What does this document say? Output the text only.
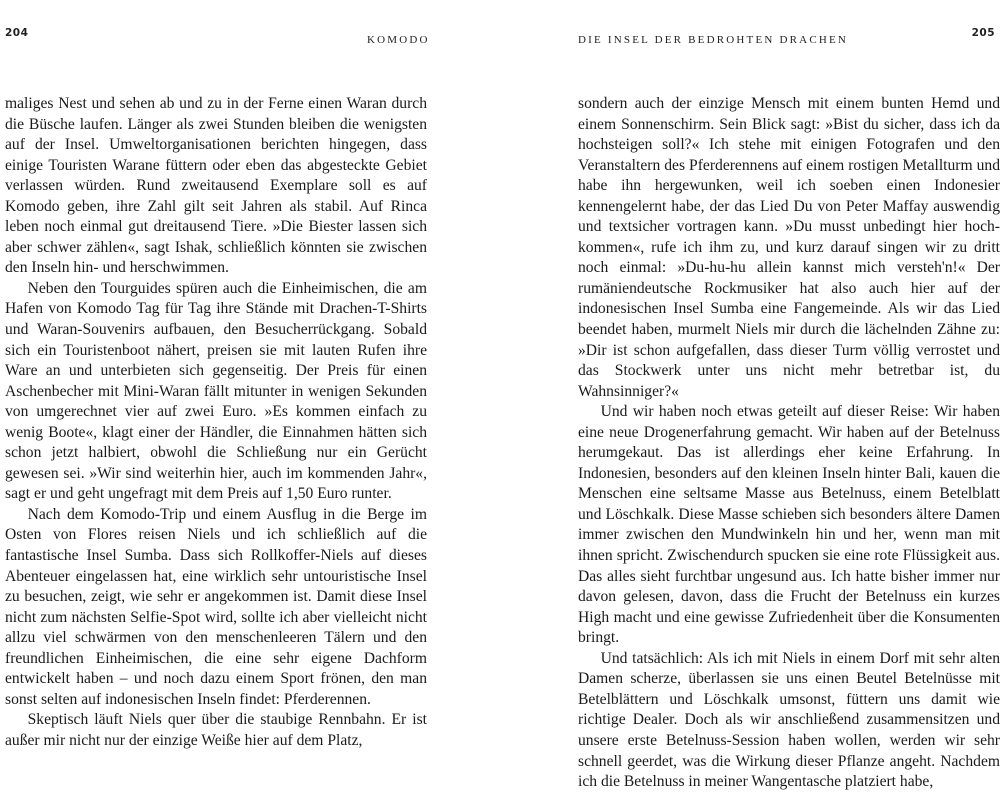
204
KOMODO

maliges Nest und sehen ab und zu in der Ferne einen Waran durch die Büsche laufen. Länger als zwei Stunden bleiben die wenigsten auf der Insel. Umweltorganisationen berichten hingegen, dass einige Touristen Warane füttern oder eben das abgesteckte Gebiet verlassen würden. Rund zweitausend Exemplare soll es auf Komodo geben, ihre Zahl gilt seit Jahren als stabil. Auf Rinca leben noch einmal gut dreitausend Tiere. »Die Biester lassen sich aber schwer zählen«, sagt Ishak, schließlich könnten sie zwischen den Inseln hin- und herschwimmen.

Neben den Tourguides spüren auch die Einheimischen, die am Hafen von Komodo Tag für Tag ihre Stände mit Drachen-T-Shirts und Waran-Souvenirs aufbauen, den Besucherrückgang. Sobald sich ein Touristenboot nähert, preisen sie mit lauten Rufen ihre Ware an und unterbieten sich gegenseitig. Der Preis für einen Aschenbecher mit Mini-Waran fällt mitunter in wenigen Sekunden von umgerechnet vier auf zwei Euro. »Es kommen einfach zu wenig Boote«, klagt einer der Händler, die Einnahmen hätten sich schon jetzt halbiert, obwohl die Schließung nur ein Gerücht gewesen sei. »Wir sind weiterhin hier, auch im kommenden Jahr«, sagt er und geht ungefragt mit dem Preis auf 1,50 Euro runter.

Nach dem Komodo-Trip und einem Ausflug in die Berge im Osten von Flores reisen Niels und ich schließlich auf die fantastische Insel Sumba. Dass sich Rollkoffer-Niels auf dieses Abenteuer eingelassen hat, eine wirklich sehr untouristische Insel zu besuchen, zeigt, wie sehr er angekommen ist. Damit diese Insel nicht zum nächsten Selfie-Spot wird, sollte ich aber vielleicht nicht allzu viel schwärmen von den menschenleeren Tälern und den freundlichen Einheimischen, die eine sehr eigene Dachform entwickelt haben – und noch dazu einem Sport frönen, den man sonst selten auf indonesischen Inseln findet: Pferderennen.

Skeptisch läuft Niels quer über die staubige Rennbahn. Er ist außer mir nicht nur der einzige Weiße hier auf dem Platz,

205
DIE INSEL DER BEDROHTEN DRACHEN

sondern auch der einzige Mensch mit einem bunten Hemd und einem Sonnenschirm. Sein Blick sagt: »Bist du sicher, dass ich da hochsteigen soll?« Ich stehe mit einigen Fotografen und den Veranstaltern des Pferderennens auf einem rostigen Metallturm und habe ihn hergewunken, weil ich soeben einen Indonesier kennengelernt habe, der das Lied Du von Peter Maffay auswendig und textsicher vortragen kann. »Du musst unbedingt hier hochkommen«, rufe ich ihm zu, und kurz darauf singen wir zu dritt noch einmal: »Du-hu-hu allein kannst mich versteh'n!« Der rumäniendeutsche Rockmusiker hat also auch hier auf der indonesischen Insel Sumba eine Fangemeinde. Als wir das Lied beendet haben, murmelt Niels mir durch die lächelnden Zähne zu: »Dir ist schon aufgefallen, dass dieser Turm völlig verrostet und das Stockwerk unter uns nicht mehr betretbar ist, du Wahnsinniger?«

Und wir haben noch etwas geteilt auf dieser Reise: Wir haben eine neue Drogenerfahrung gemacht. Wir haben auf der Betelnuss herumgekaut. Das ist allerdings eher keine Erfahrung. In Indonesien, besonders auf den kleinen Inseln hinter Bali, kauen die Menschen eine seltsame Masse aus Betelnuss, einem Betelblatt und Löschkalk. Diese Masse schieben sich besonders ältere Damen immer zwischen den Mundwinkeln hin und her, wenn man mit ihnen spricht. Zwischendurch spucken sie eine rote Flüssigkeit aus. Das alles sieht furchtbar ungesund aus. Ich hatte bisher immer nur davon gelesen, davon, dass die Frucht der Betelnuss ein kurzes High macht und eine gewisse Zufriedenheit über die Konsumenten bringt.

Und tatsächlich: Als ich mit Niels in einem Dorf mit sehr alten Damen scherze, überlassen sie uns einen Beutel Betelnüsse mit Betelblättern und Löschkalk umsonst, füttern uns damit wie richtige Dealer. Doch als wir anschließend zusammensitzen und unsere erste Betelnuss-Session haben wollen, werden wir sehr schnell geerdet, was die Wirkung dieser Pflanze angeht. Nachdem ich die Betelnuss in meiner Wangentasche platziert habe,
